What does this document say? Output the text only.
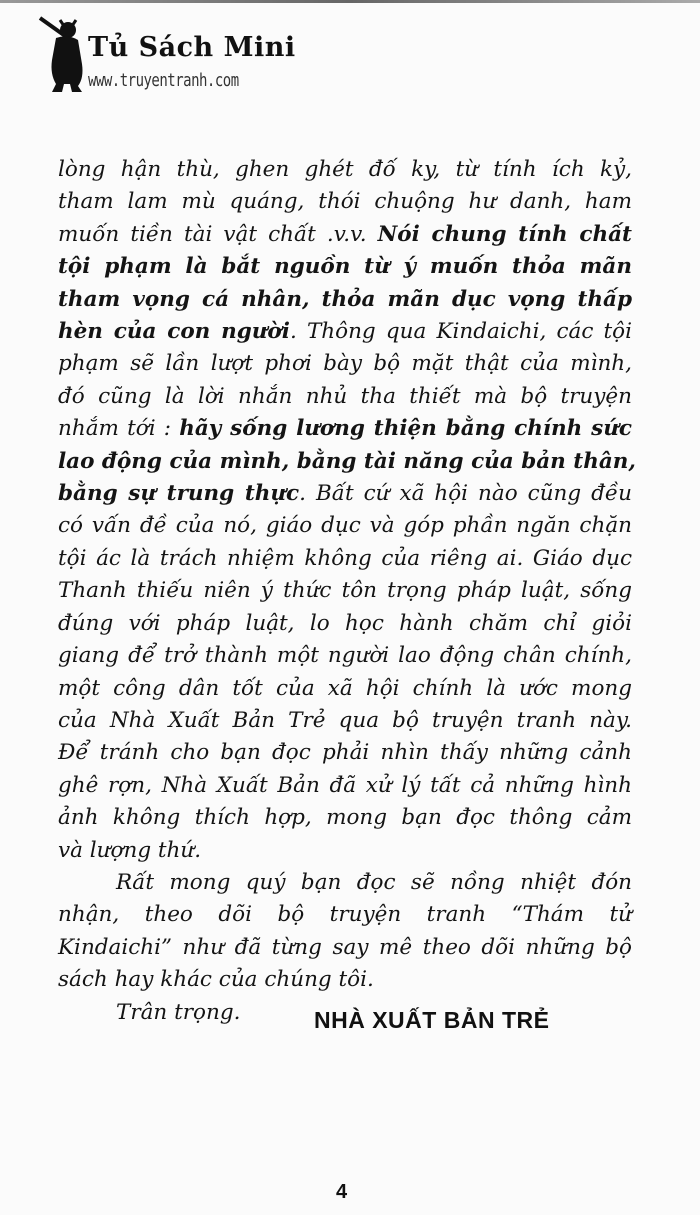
Tủ Sách Mini
www.truyentranh.com
lòng hận thù, ghen ghét đố ky, từ tính ích kỷ,
tham lam mù quáng, thói chuộng hư danh, ham
muốn tiền tài vật chất .v.v. Nói chung tính chất
tội phạm là bắt nguồn từ ý muốn thỏa mãn
tham vọng cá nhân, thỏa mãn dục vọng thấp
hèn của con người. Thông qua Kindaichi, các tội
phạm sẽ lần lượt phơi bày bộ mặt thật của mình,
đó cũng là lời nhắn nhủ tha thiết mà bộ truyện
nhắm tới : hãy sống lương thiện bằng chính sức
lao động của mình, bằng tài năng của bản thân,
bằng sự trung thực. Bất cứ xã hội nào cũng đều
có vấn đề của nó, giáo dục và góp phần ngăn chặn
tội ác là trách nhiệm không của riêng ai. Giáo dục
Thanh thiếu niên ý thức tôn trọng pháp luật, sống
đúng với pháp luật, lo học hành chăm chỉ giỏi
giang để trở thành một người lao động chân chính,
một công dân tốt của xã hội chính là ước mong
của Nhà Xuất Bản Trẻ qua bộ truyện tranh này.
Để tránh cho bạn đọc phải nhìn thấy những cảnh
ghê rợn, Nhà Xuất Bản đã xử lý tất cả những hình
ảnh không thích hợp, mong bạn đọc thông cảm
và lượng thứ.
Rất mong quý bạn đọc sẽ nồng nhiệt đón
nhận, theo dõi bộ truyện tranh “Thám tử
Kindaichi” như đã từng say mê theo dõi những bộ
sách hay khác của chúng tôi.
Trân trọng.	NHÀ XUẤT BẢN TRẺ
4
